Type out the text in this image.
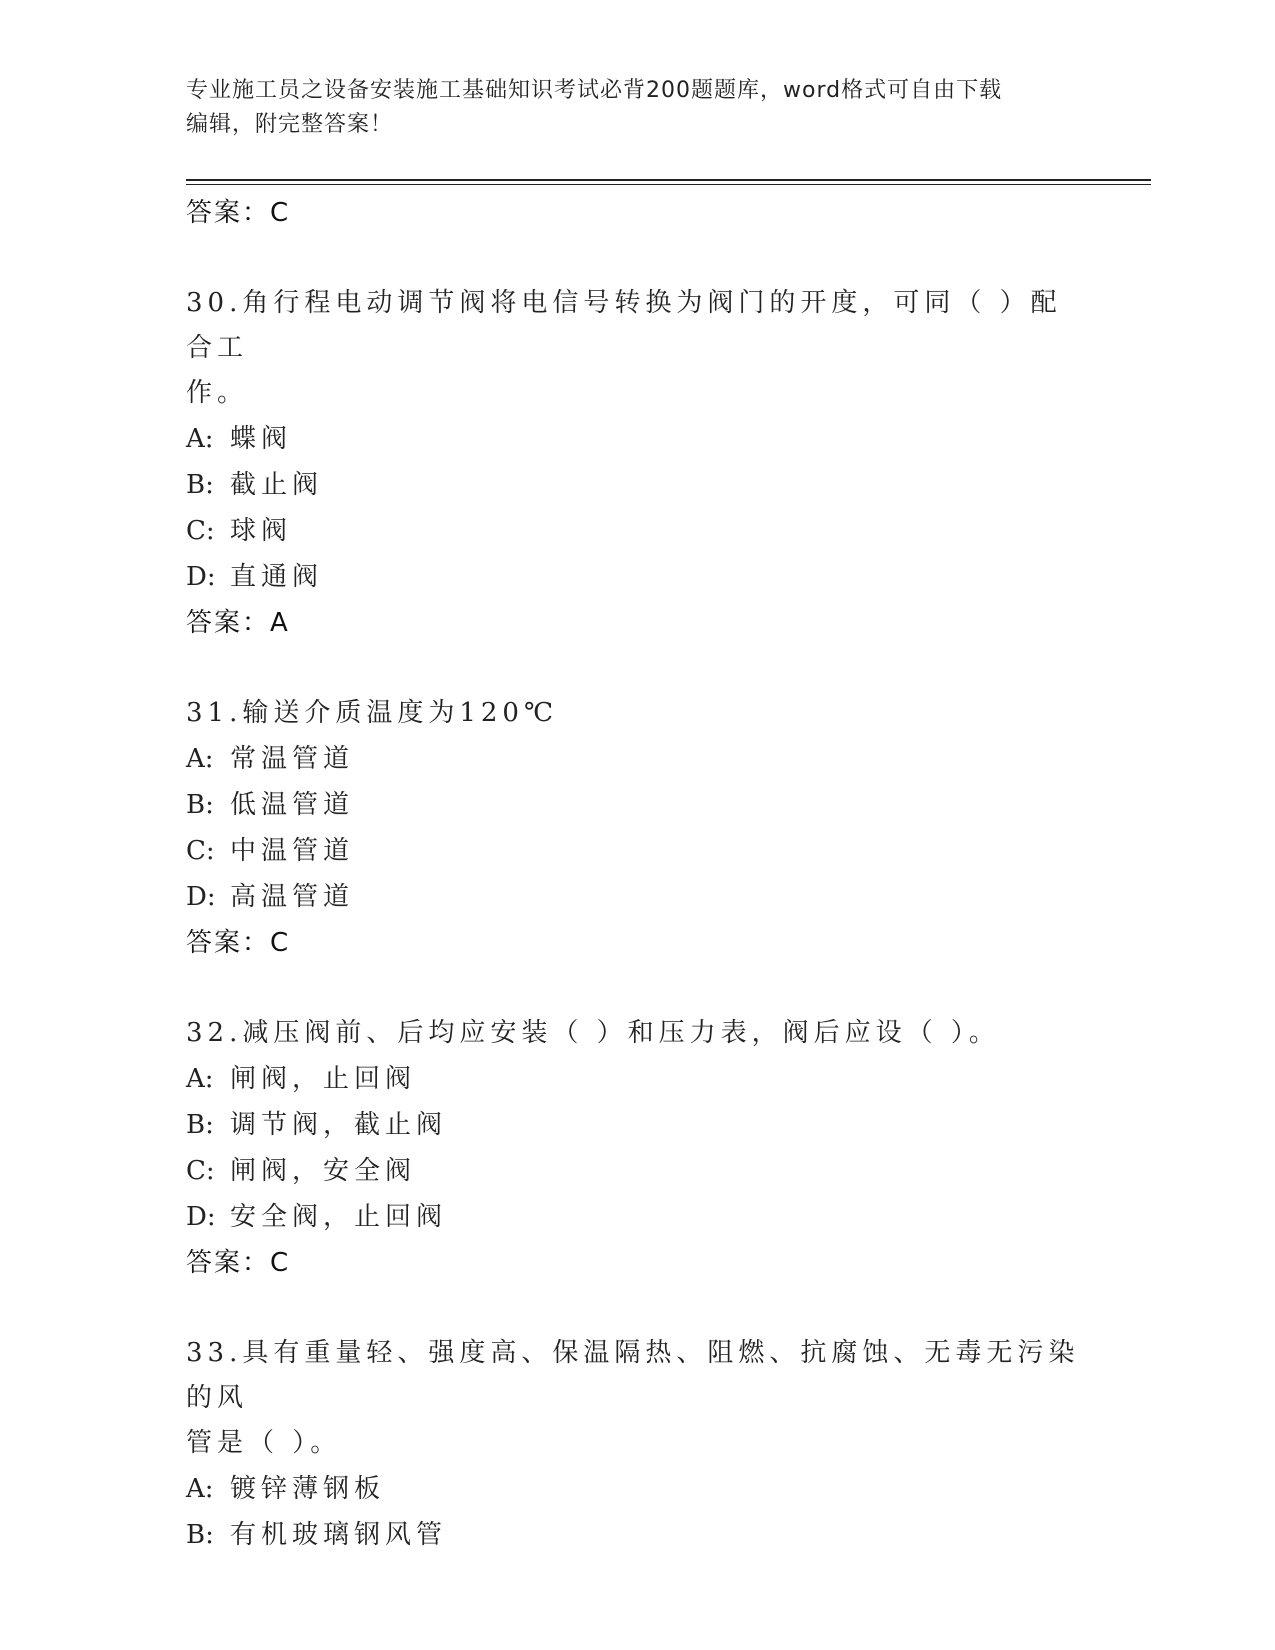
专业施工员之设备安装施工基础知识考试必背200题题库，word格式可自由下载
编辑，附完整答案！
答案：C

30.角行程电动调节阀将电信号转换为阀门的开度，可同（ ）配合工

作。

A: 蝶阀
B: 截止阀
C: 球阀
D: 直通阀
答案：A

31.输送介质温度为120℃

A: 常温管道
B: 低温管道
C: 中温管道
D: 高温管道
答案：C

32.减压阀前、后均应安装（ ）和压力表，阀后应设（ ）。

A: 闸阀，止回阀
B: 调节阀，截止阀
C: 闸阀，安全阀
D: 安全阀，止回阀
答案：C

33.具有重量轻、强度高、保温隔热、阻燃、抗腐蚀、无毒无污染的风

管是（ ）。

A: 镀锌薄钢板
B: 有机玻璃钢风管
